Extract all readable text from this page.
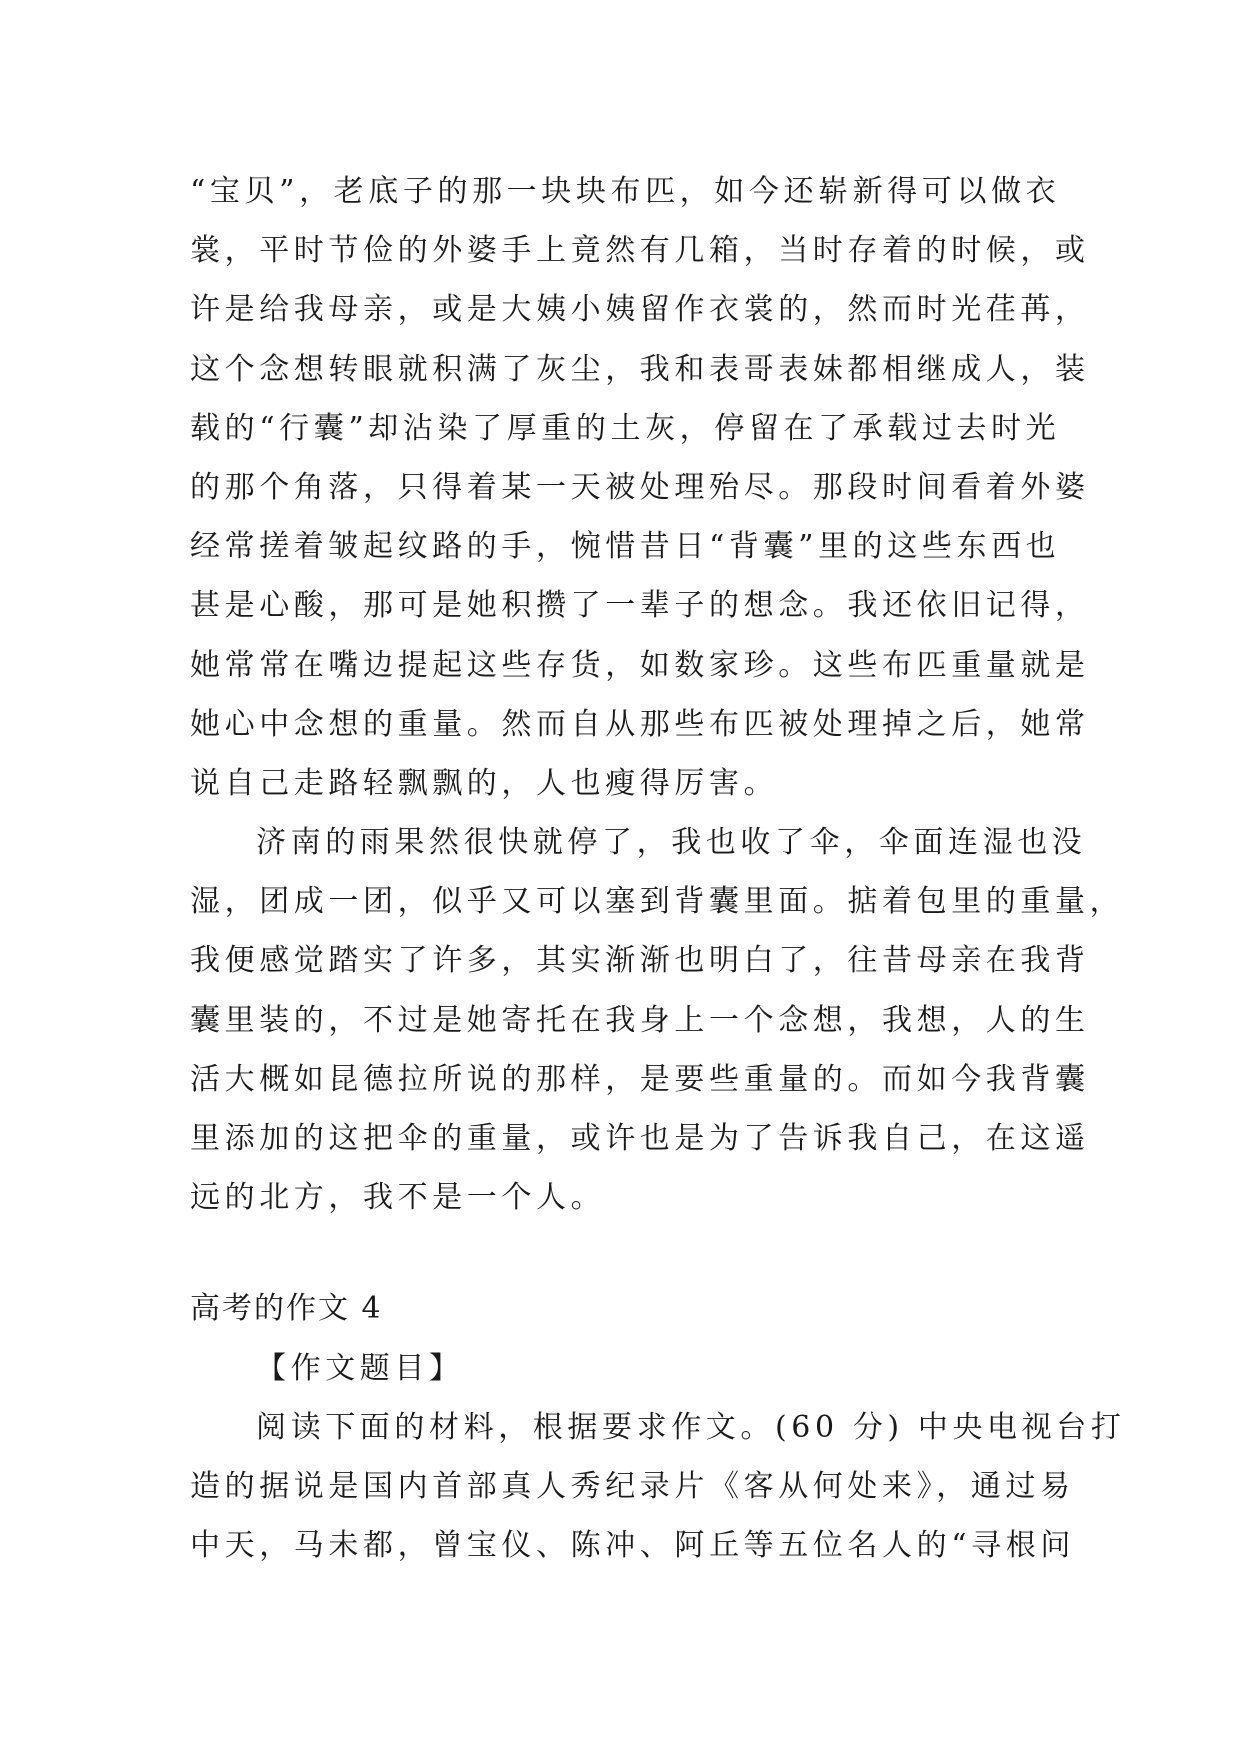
“宝贝”，老底子的那一块块布匹，如今还崭新得可以做衣
裳，平时节俭的外婆手上竟然有几箱，当时存着的时候，或
许是给我母亲，或是大姨小姨留作衣裳的，然而时光荏苒，
这个念想转眼就积满了灰尘，我和表哥表妹都相继成人，装
载的“行囊”却沾染了厚重的土灰，停留在了承载过去时光
的那个角落，只得着某一天被处理殆尽。那段时间看着外婆
经常搓着皱起纹路的手，惋惜昔日“背囊”里的这些东西也
甚是心酸，那可是她积攒了一辈子的想念。我还依旧记得，
她常常在嘴边提起这些存货，如数家珍。这些布匹重量就是
她心中念想的重量。然而自从那些布匹被处理掉之后，她常
说自己走路轻飘飘的，人也瘦得厉害。
济南的雨果然很快就停了，我也收了伞，伞面连湿也没
湿，团成一团，似乎又可以塞到背囊里面。掂着包里的重量，
我便感觉踏实了许多，其实渐渐也明白了，往昔母亲在我背
囊里装的，不过是她寄托在我身上一个念想，我想，人的生
活大概如昆德拉所说的那样，是要些重量的。而如今我背囊
里添加的这把伞的重量，或许也是为了告诉我自己，在这遥
远的北方，我不是一个人。
高考的作文 4
【作文题目】
阅读下面的材料，根据要求作文。(60 分) 中央电视台打
造的据说是国内首部真人秀纪录片《客从何处来》，通过易
中天，马未都，曾宝仪、陈冲、阿丘等五位名人的“寻根问
